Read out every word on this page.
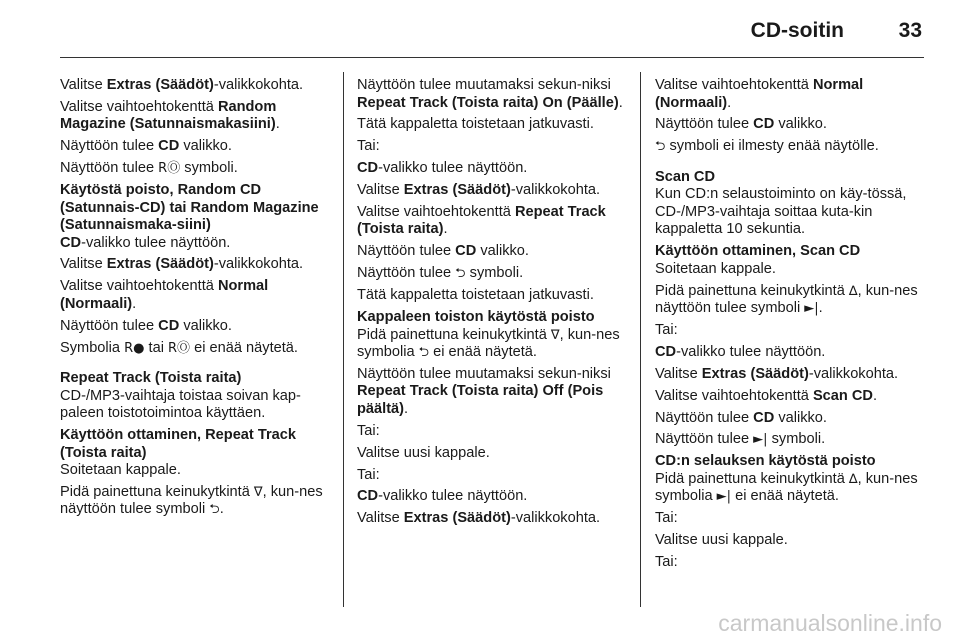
CD-soitin	33
Valitse Extras (Säädöt)-valikkokohta.
Valitse vaihtoehtokenttä Random Magazine (Satunnaismakasiini).
Näyttöön tulee CD valikko.
Näyttöön tulee RⓄ symboli.
Käytöstä poisto, Random CD (Satunnais-CD) tai Random Magazine (Satunnaismaka-siini)
CD-valikko tulee näyttöön.
Valitse Extras (Säädöt)-valikkokohta.
Valitse vaihtoehtokenttä Normal (Normaali).
Näyttöön tulee CD valikko.
Symbolia R● tai RⓄ ei enää näytetä.
Repeat Track (Toista raita)
CD-/MP3-vaihtaja toistaa soivan kap-paleen toistotoimintoa käyttäen.
Käyttöön ottaminen, Repeat Track (Toista raita)
Soitetaan kappale.
Pidä painettuna keinukytkintä ∇, kun-nes näyttöön tulee symboli ⮌.
Näyttöön tulee muutamaksi sekun-niksi Repeat Track (Toista raita) On (Päälle).
Tätä kappaletta toistetaan jatkuvasti.
Tai:
CD-valikko tulee näyttöön.
Valitse Extras (Säädöt)-valikkokohta.
Valitse vaihtoehtokenttä Repeat Track (Toista raita).
Näyttöön tulee CD valikko.
Näyttöön tulee ⮌ symboli.
Tätä kappaletta toistetaan jatkuvasti.
Kappaleen toiston käytöstä poisto
Pidä painettuna keinukytkintä ∇, kun-nes symbolia ⮌ ei enää näytetä.
Näyttöön tulee muutamaksi sekun-niksi Repeat Track (Toista raita) Off (Pois päältä).
Tai:
Valitse uusi kappale.
Tai:
CD-valikko tulee näyttöön.
Valitse Extras (Säädöt)-valikkokohta.
Valitse vaihtoehtokenttä Normal (Normaali).
Näyttöön tulee CD valikko.
⮌ symboli ei ilmesty enää näytölle.
Scan CD
Kun CD:n selaustoiminto on käy-tössä, CD-/MP3-vaihtaja soittaa kuta-kin kappaletta 10 sekuntia.
Käyttöön ottaminen, Scan CD
Soitetaan kappale.
Pidä painettuna keinukytkintä ∆, kun-nes näyttöön tulee symboli ►|.
Tai:
CD-valikko tulee näyttöön.
Valitse Extras (Säädöt)-valikkokohta.
Valitse vaihtoehtokenttä Scan CD.
Näyttöön tulee CD valikko.
Näyttöön tulee ►| symboli.
CD:n selauksen käytöstä poisto
Pidä painettuna keinukytkintä ∆, kun-nes symbolia ►| ei enää näytetä.
Tai:
Valitse uusi kappale.
Tai:
carmanualsonline.info
